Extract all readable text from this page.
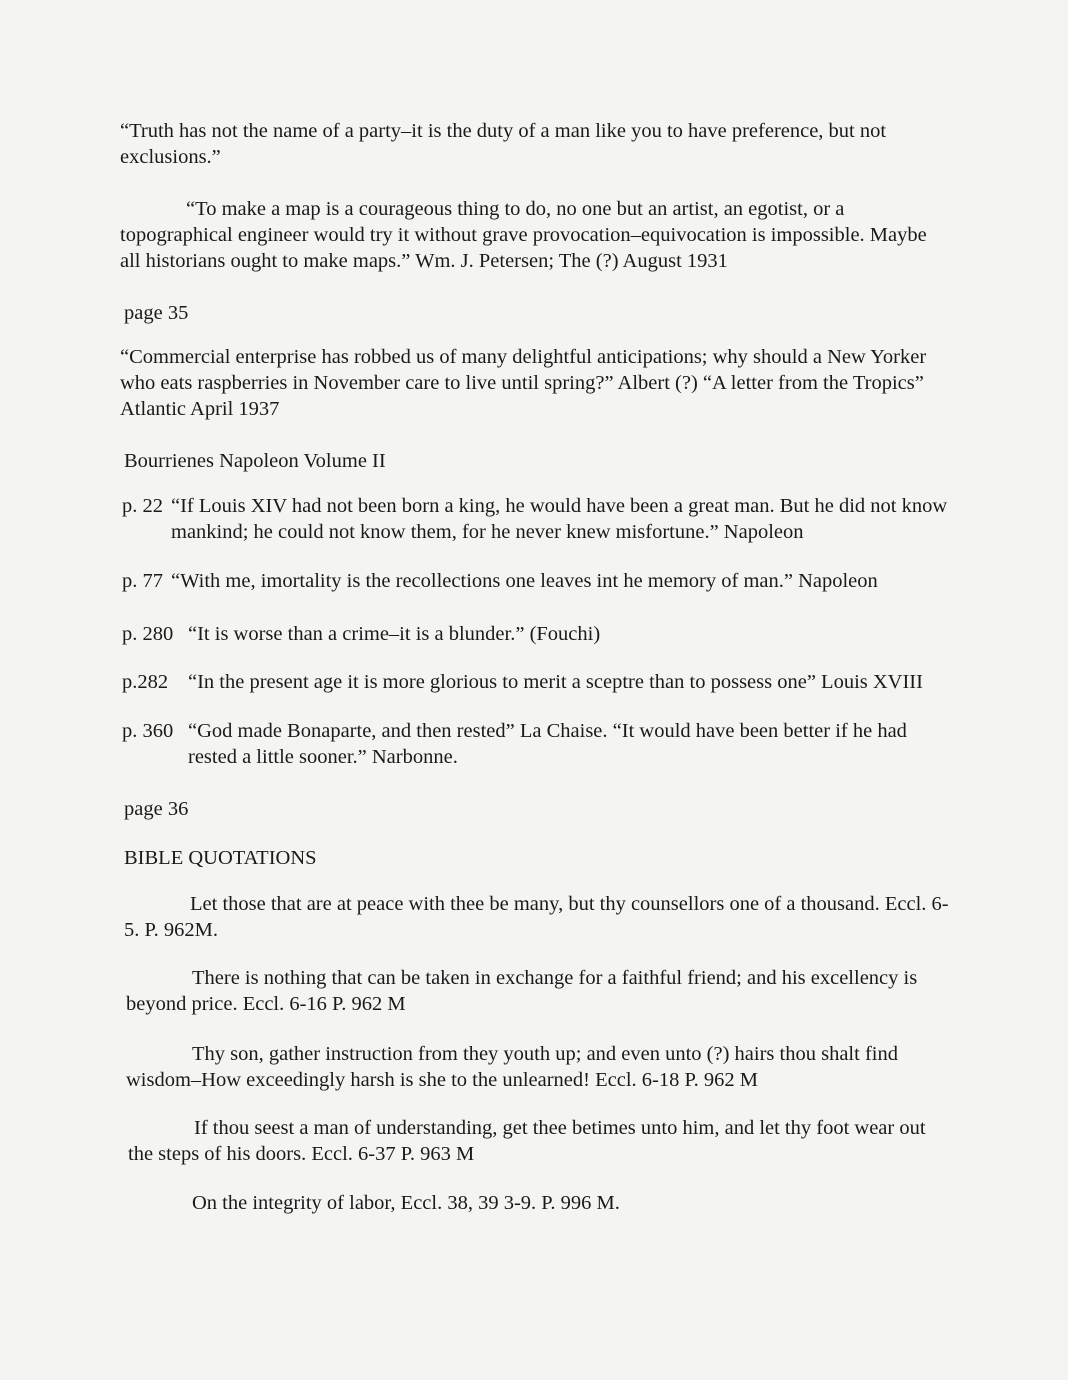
“Truth has not the name of a party–it is the duty of a man like you to have preference, but not exclusions.”

“To make a map is a courageous thing to do, no one but an artist, an egotist, or a topographical engineer would try it without grave provocation–equivocation is impossible. Maybe all historians ought to make maps.” Wm. J. Petersen; The (?) August 1931

page 35

“Commercial enterprise has robbed us of many delightful anticipations; why should a New Yorker who eats raspberries in November care to live until spring?” Albert (?) “A letter from the Tropics” Atlantic April 1937

Bourrienes Napoleon Volume II

p. 22 “If Louis XIV had not been born a king, he would have been a great man. But he did not know mankind; he could not know them, for he never knew misfortune.” Napoleon
p. 77 “With me, imortality is the recollections one leaves int he memory of man.” Napoleon
p. 280 “It is worse than a crime–it is a blunder.” (Fouchi)
p.282 “In the present age it is more glorious to merit a sceptre than to possess one” Louis XVIII
p. 360 “God made Bonaparte, and then rested” La Chaise. “It would have been better if he had rested a little sooner.” Narbonne.

page 36

BIBLE QUOTATIONS

Let those that are at peace with thee be many, but thy counsellors one of a thousand. Eccl. 6-5. P. 962M.

There is nothing that can be taken in exchange for a faithful friend; and his excellency is beyond price. Eccl. 6-16 P. 962 M

Thy son, gather instruction from they youth up; and even unto (?) hairs thou shalt find wisdom–How exceedingly harsh is she to the unlearned! Eccl. 6-18 P. 962 M

If thou seest a man of understanding, get thee betimes unto him, and let thy foot wear out the steps of his doors. Eccl. 6-37 P. 963 M

On the integrity of labor, Eccl. 38, 39 3-9. P. 996 M.
